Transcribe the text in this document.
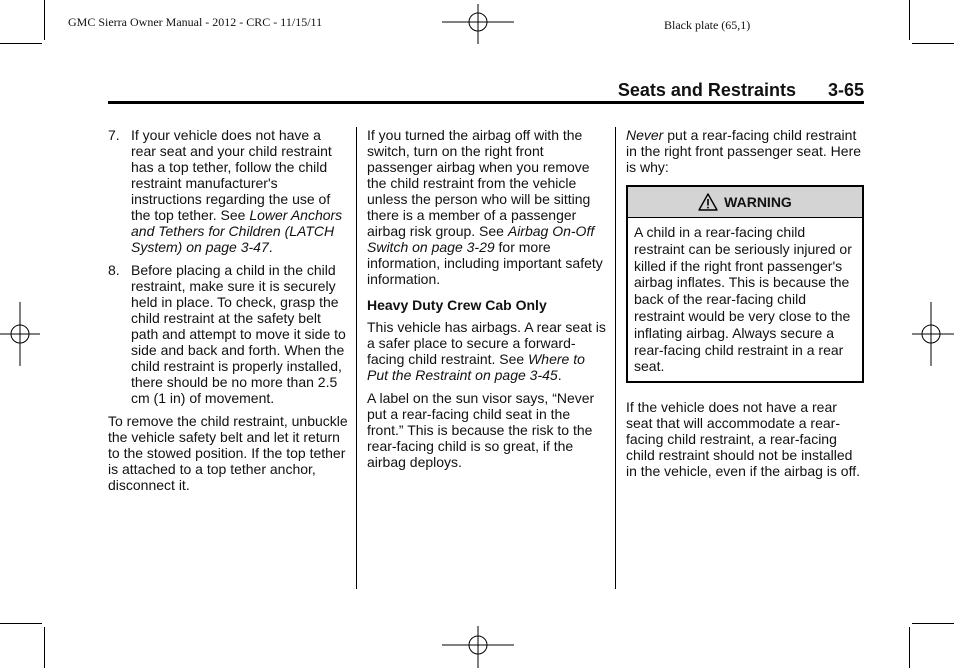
GMC Sierra Owner Manual - 2012 - CRC - 11/15/11	Black plate (65,1)
Seats and Restraints 3-65
7. If your vehicle does not have a rear seat and your child restraint has a top tether, follow the child restraint manufacturer's instructions regarding the use of the top tether. See Lower Anchors and Tethers for Children (LATCH System) on page 3-47.
8. Before placing a child in the child restraint, make sure it is securely held in place. To check, grasp the child restraint at the safety belt path and attempt to move it side to side and back and forth. When the child restraint is properly installed, there should be no more than 2.5 cm (1 in) of movement.

To remove the child restraint, unbuckle the vehicle safety belt and let it return to the stowed position. If the top tether is attached to a top tether anchor, disconnect it.

If you turned the airbag off with the switch, turn on the right front passenger airbag when you remove the child restraint from the vehicle unless the person who will be sitting there is a member of a passenger airbag risk group. See Airbag On-Off Switch on page 3-29 for more information, including important safety information.

Heavy Duty Crew Cab Only

This vehicle has airbags. A rear seat is a safer place to secure a forward-facing child restraint. See Where to Put the Restraint on page 3-45.

A label on the sun visor says, “Never put a rear-facing child seat in the front.” This is because the risk to the rear-facing child is so great, if the airbag deploys.

Never put a rear-facing child restraint in the right front passenger seat. Here is why:

WARNING
A child in a rear-facing child restraint can be seriously injured or killed if the right front passenger's airbag inflates. This is because the back of the rear-facing child restraint would be very close to the inflating airbag. Always secure a rear-facing child restraint in a rear seat.

If the vehicle does not have a rear seat that will accommodate a rear-facing child restraint, a rear-facing child restraint should not be installed in the vehicle, even if the airbag is off.
